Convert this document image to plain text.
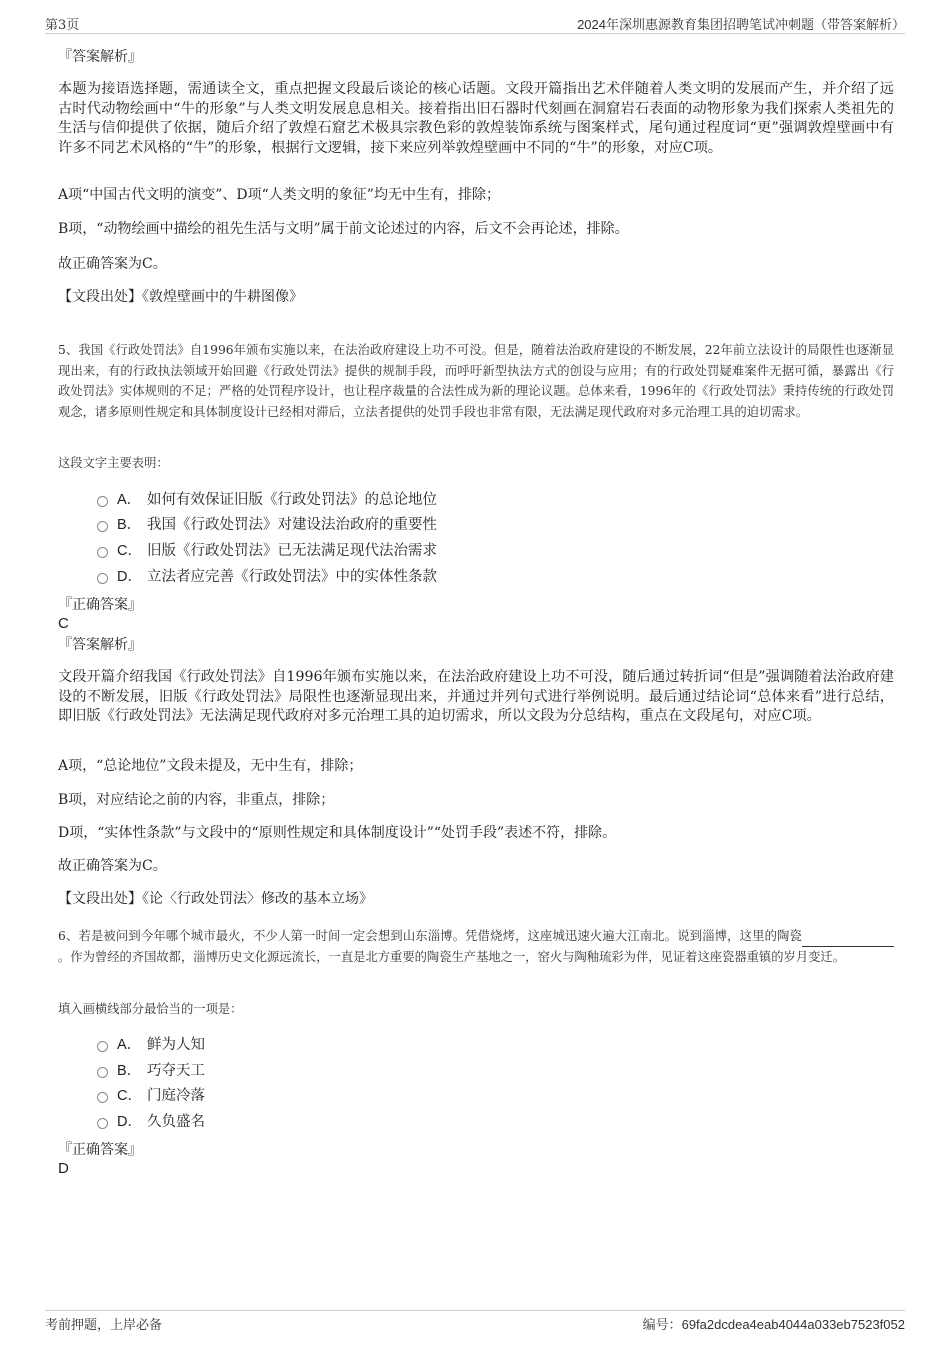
第3页	2024年深圳惠源教育集团招聘笔试冲刺题（带答案解析）
『答案解析』
本题为接语选择题，需通读全文，重点把握文段最后谈论的核心话题。文段开篇指出艺术伴随着人类文明的发展而产生，并介绍了远古时代动物绘画中“牛的形象”与人类文明发展息息相关。接着指出旧石器时代刻画在洞窟岩石表面的动物形象为我们探索人类祖先的生活与信仰提供了依据，随后介绍了敦煌石窟艺术极具宗教色彩的敦煌装饰系统与图案样式，尾句通过程度词“更”强调敦煌壁画中有许多不同艺术风格的“牛”的形象，根据行文逻辑，接下来应列举敦煌壁画中不同的“牛”的形象，对应C项。
A项“中国古代文明的演变”、D项“人类文明的象征”均无中生有，排除；
B项，“动物绘画中描绘的祖先生活与文明”属于前文论述过的内容，后文不会再论述，排除。
故正确答案为C。
【文段出处】《敦煌壁画中的牛耕图像》
5、我国《行政处罚法》自1996年颁布实施以来，在法治政府建设上功不可没。但是，随着法治政府建设的不断发展，22年前立法设计的局限性也逐渐显现出来，有的行政执法领域开始回避《行政处罚法》提供的规制手段，而呼吁新型执法方式的创设与应用；有的行政处罚疑难案件无据可循，暴露出《行政处罚法》实体规则的不足；严格的处罚程序设计，也让程序裁量的合法性成为新的理论议题。总体来看，1996年的《行政处罚法》秉持传统的行政处罚观念，诸多原则性规定和具体制度设计已经相对滞后，立法者提供的处罚手段也非常有限，无法满足现代政府对多元治理工具的迫切需求。
这段文字主要表明：
A． 如何有效保证旧版《行政处罚法》的总论地位
B． 我国《行政处罚法》对建设法治政府的重要性
C． 旧版《行政处罚法》已无法满足现代法治需求
D． 立法者应完善《行政处罚法》中的实体性条款
『正确答案』
C
『答案解析』
文段开篇介绍我国《行政处罚法》自1996年颁布实施以来，在法治政府建设上功不可没，随后通过转折词“但是”强调随着法治政府建设的不断发展，旧版《行政处罚法》局限性也逐渐显现出来，并通过并列句式进行举例说明。最后通过结论词“总体来看”进行总结，即旧版《行政处罚法》无法满足现代政府对多元治理工具的迫切需求，所以文段为分总结构，重点在文段尾句，对应C项。
A项，“总论地位”文段未提及，无中生有，排除；
B项，对应结论之前的内容，非重点，排除；
D项，“实体性条款”与文段中的“原则性规定和具体制度设计”“处罚手段”表述不符，排除。
故正确答案为C。
【文段出处】《论〈行政处罚法〉修改的基本立场》
6、若是被问到今年哪个城市最火，不少人第一时间一定会想到山东淄博。凭借烧烤，这座城迅速火遍大江南北。说到淄博，这里的陶瓷。作为曾经的齐国故都，淄博历史文化源远流长，一直是北方重要的陶瓷生产基地之一，窑火与陶釉琉彩为伴，见证着这座瓷器重镇的岁月变迁。
填入画横线部分最恰当的一项是：
A． 鲜为人知
B． 巧夺天工
C． 门庭冷落
D． 久负盛名
『正确答案』
D
考前押题，上岸必备	编号：69fa2dcdea4eab4044a033eb7523f052
